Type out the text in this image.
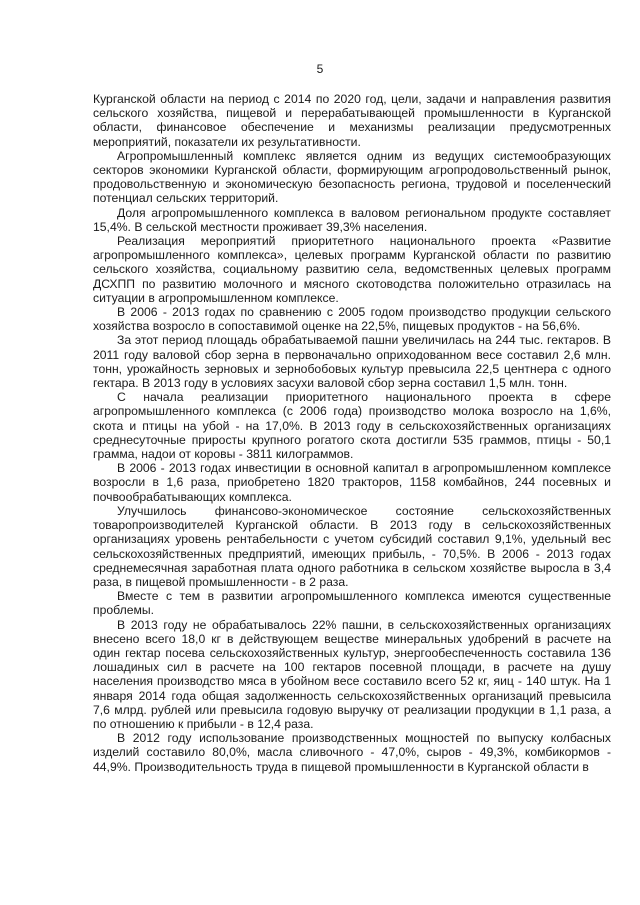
5

Курганской области на период с 2014 по 2020 год, цели, задачи и направления развития сельского хозяйства, пищевой и перерабатывающей промышленности в Курганской области, финансовое обеспечение и механизмы реализации предусмотренных мероприятий, показатели их результативности.

Агропромышленный комплекс является одним из ведущих системообразующих секторов экономики Курганской области, формирующим агропродовольственный рынок, продовольственную и экономическую безопасность региона, трудовой и поселенческий потенциал сельских территорий.

Доля агропромышленного комплекса в валовом региональном продукте составляет 15,4%. В сельской местности проживает 39,3% населения.

Реализация мероприятий приоритетного национального проекта «Развитие агропромышленного комплекса», целевых программ Курганской области по развитию сельского хозяйства, социальному развитию села, ведомственных целевых программ ДСХПП по развитию молочного и мясного скотоводства положительно отразилась на ситуации в агропромышленном комплексе.

В 2006 - 2013 годах по сравнению с 2005 годом производство продукции сельского хозяйства возросло в сопоставимой оценке на 22,5%, пищевых продуктов - на 56,6%.

За этот период площадь обрабатываемой пашни увеличилась на 244 тыс. гектаров. В 2011 году валовой сбор зерна в первоначально оприходованном весе составил 2,6 млн. тонн, урожайность зерновых и зернобобовых культур превысила 22,5 центнера с одного гектара. В 2013 году в условиях засухи валовой сбор зерна составил 1,5 млн. тонн.

С начала реализации приоритетного национального проекта в сфере агропромышленного комплекса (с 2006 года) производство молока возросло на 1,6%, скота и птицы на убой - на 17,0%. В 2013 году в сельскохозяйственных организациях среднесуточные приросты крупного рогатого скота достигли 535 граммов, птицы - 50,1 грамма, надои от коровы - 3811 килограммов.

В 2006 - 2013 годах инвестиции в основной капитал в агропромышленном комплексе возросли в 1,6 раза, приобретено 1820 тракторов, 1158 комбайнов, 244 посевных и почвообрабатывающих комплекса.

Улучшилось финансово-экономическое состояние сельскохозяйственных товаропроизводителей Курганской области. В 2013 году в сельскохозяйственных организациях уровень рентабельности с учетом субсидий составил 9,1%, удельный вес сельскохозяйственных предприятий, имеющих прибыль, - 70,5%. В 2006 - 2013 годах среднемесячная заработная плата одного работника в сельском хозяйстве выросла в 3,4 раза, в пищевой промышленности - в 2 раза.

Вместе с тем в развитии агропромышленного комплекса имеются существенные проблемы.

В 2013 году не обрабатывалось 22% пашни, в сельскохозяйственных организациях внесено всего 18,0 кг в действующем веществе минеральных удобрений в расчете на один гектар посева сельскохозяйственных культур, энергообеспеченность составила 136 лошадиных сил в расчете на 100 гектаров посевной площади, в расчете на душу населения производство мяса в убойном весе составило всего 52 кг, яиц - 140 штук. На 1 января 2014 года общая задолженность сельскохозяйственных организаций превысила 7,6 млрд. рублей или превысила годовую выручку от реализации продукции в 1,1 раза, а по отношению к прибыли - в 12,4 раза.

В 2012 году использование производственных мощностей по выпуску колбасных изделий составило 80,0%, масла сливочного - 47,0%, сыров - 49,3%, комбикормов - 44,9%. Производительность труда в пищевой промышленности в Курганской области в
